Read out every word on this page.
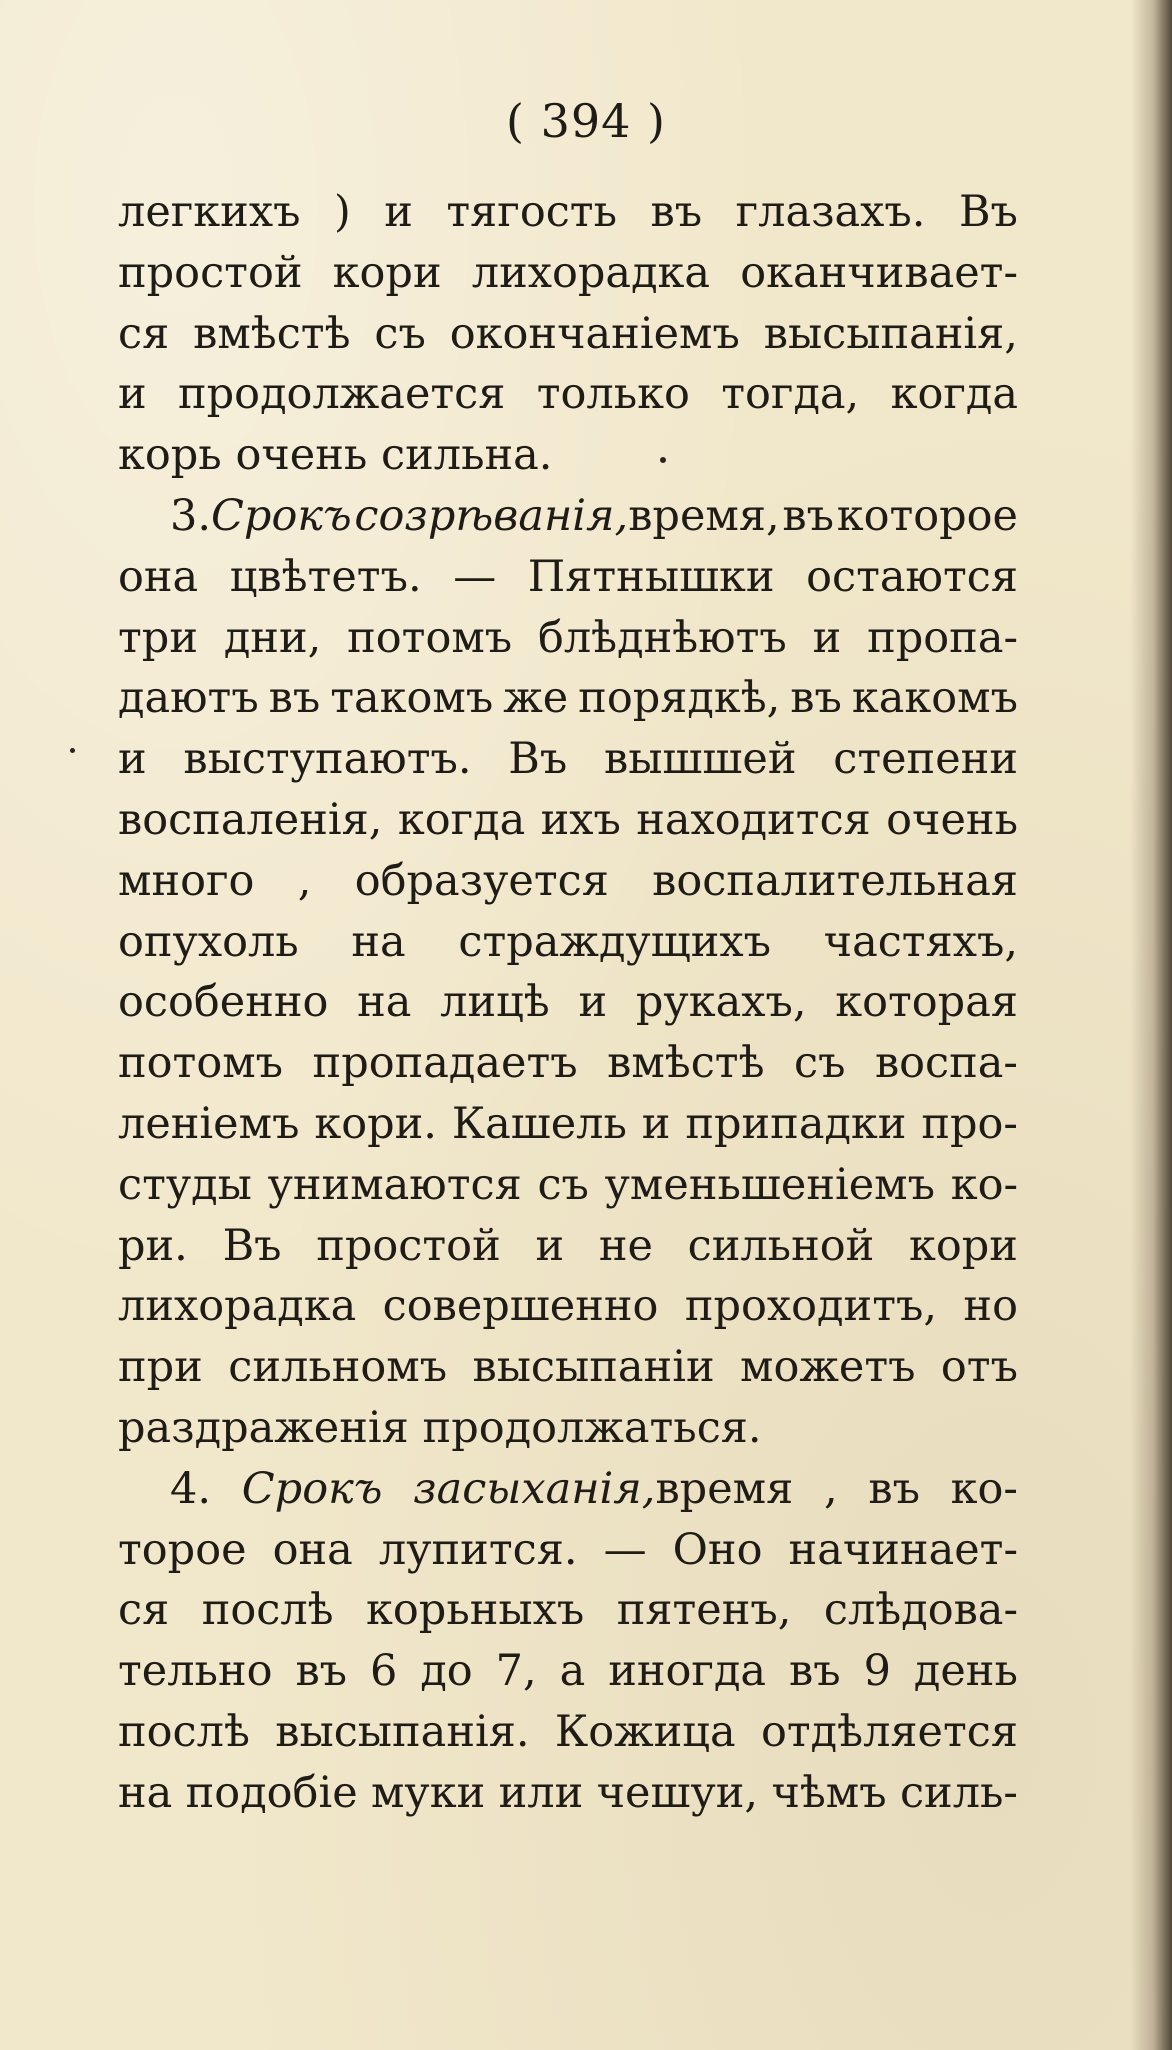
( 394 )
легкихъ ) и тягость въ глазахъ. Въ
простой кори лихорадка оканчивает-
ся вмѣстѣ съ окончанiемъ высыпанiя,
и продолжается только тогда, когда
корь очень сильна.
3.Срокъ созрѣванiя,время, въ которое
она цвѣтетъ. — Пятнышки остаются
три дни, потомъ блѣднѣютъ и пропа-
даютъ въ такомъ же порядкѣ, въ какомъ
и выступаютъ. Въ вышшей степени
воспаленiя, когда ихъ находится очень
много , образуется воспалительная
опухоль на страждущихъ частяхъ,
особенно на лицѣ и рукахъ, которая
потомъ пропадаетъ вмѣстѣ съ воспа-
ленiемъ кори. Кашель и припадки про-
студы унимаются съ уменьшенiемъ ко-
ри. Въ простой и не сильной кори
лихорадка совершенно проходитъ, но
при сильномъ высыпанiи можетъ отъ
раздраженiя продолжаться.
4. Срокъ засыханiя,время , въ ко-
торое она лупится. — Оно начинает-
ся послѣ корьныхъ пятенъ, слѣдова-
тельно въ 6 до 7, а иногда въ 9 день
послѣ высыпанiя. Кожица отдѣляется
на подобiе муки или чешуи, чѣмъ силь-
